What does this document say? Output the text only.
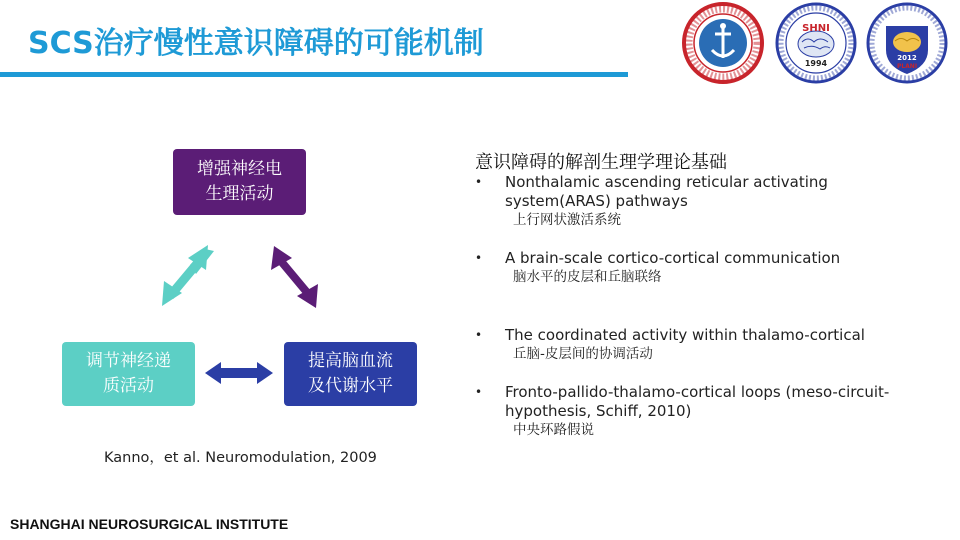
SCS治疗慢性意识障碍的可能机制	SHNI
1994
2012
PLANI
增强神经电
生理活动
调节神经递
质活动
提高脑血流
及代谢水平
Kanno，et al. Neuromodulation, 2009
意识障碍的解剖生理学理论基础
• Nonthalamic ascending reticular activating
system(ARAS) pathways
上行网状激活系统
• A brain-scale cortico-cortical communication
脑水平的皮层和丘脑联络
• The coordinated activity within thalamo-cortical
丘脑-皮层间的协调活动
• Fronto-pallido-thalamo-cortical loops (meso-circuit-
hypothesis, Schiff, 2010)
中央环路假说
SHANGHAI NEUROSURGICAL INSTITUTE
